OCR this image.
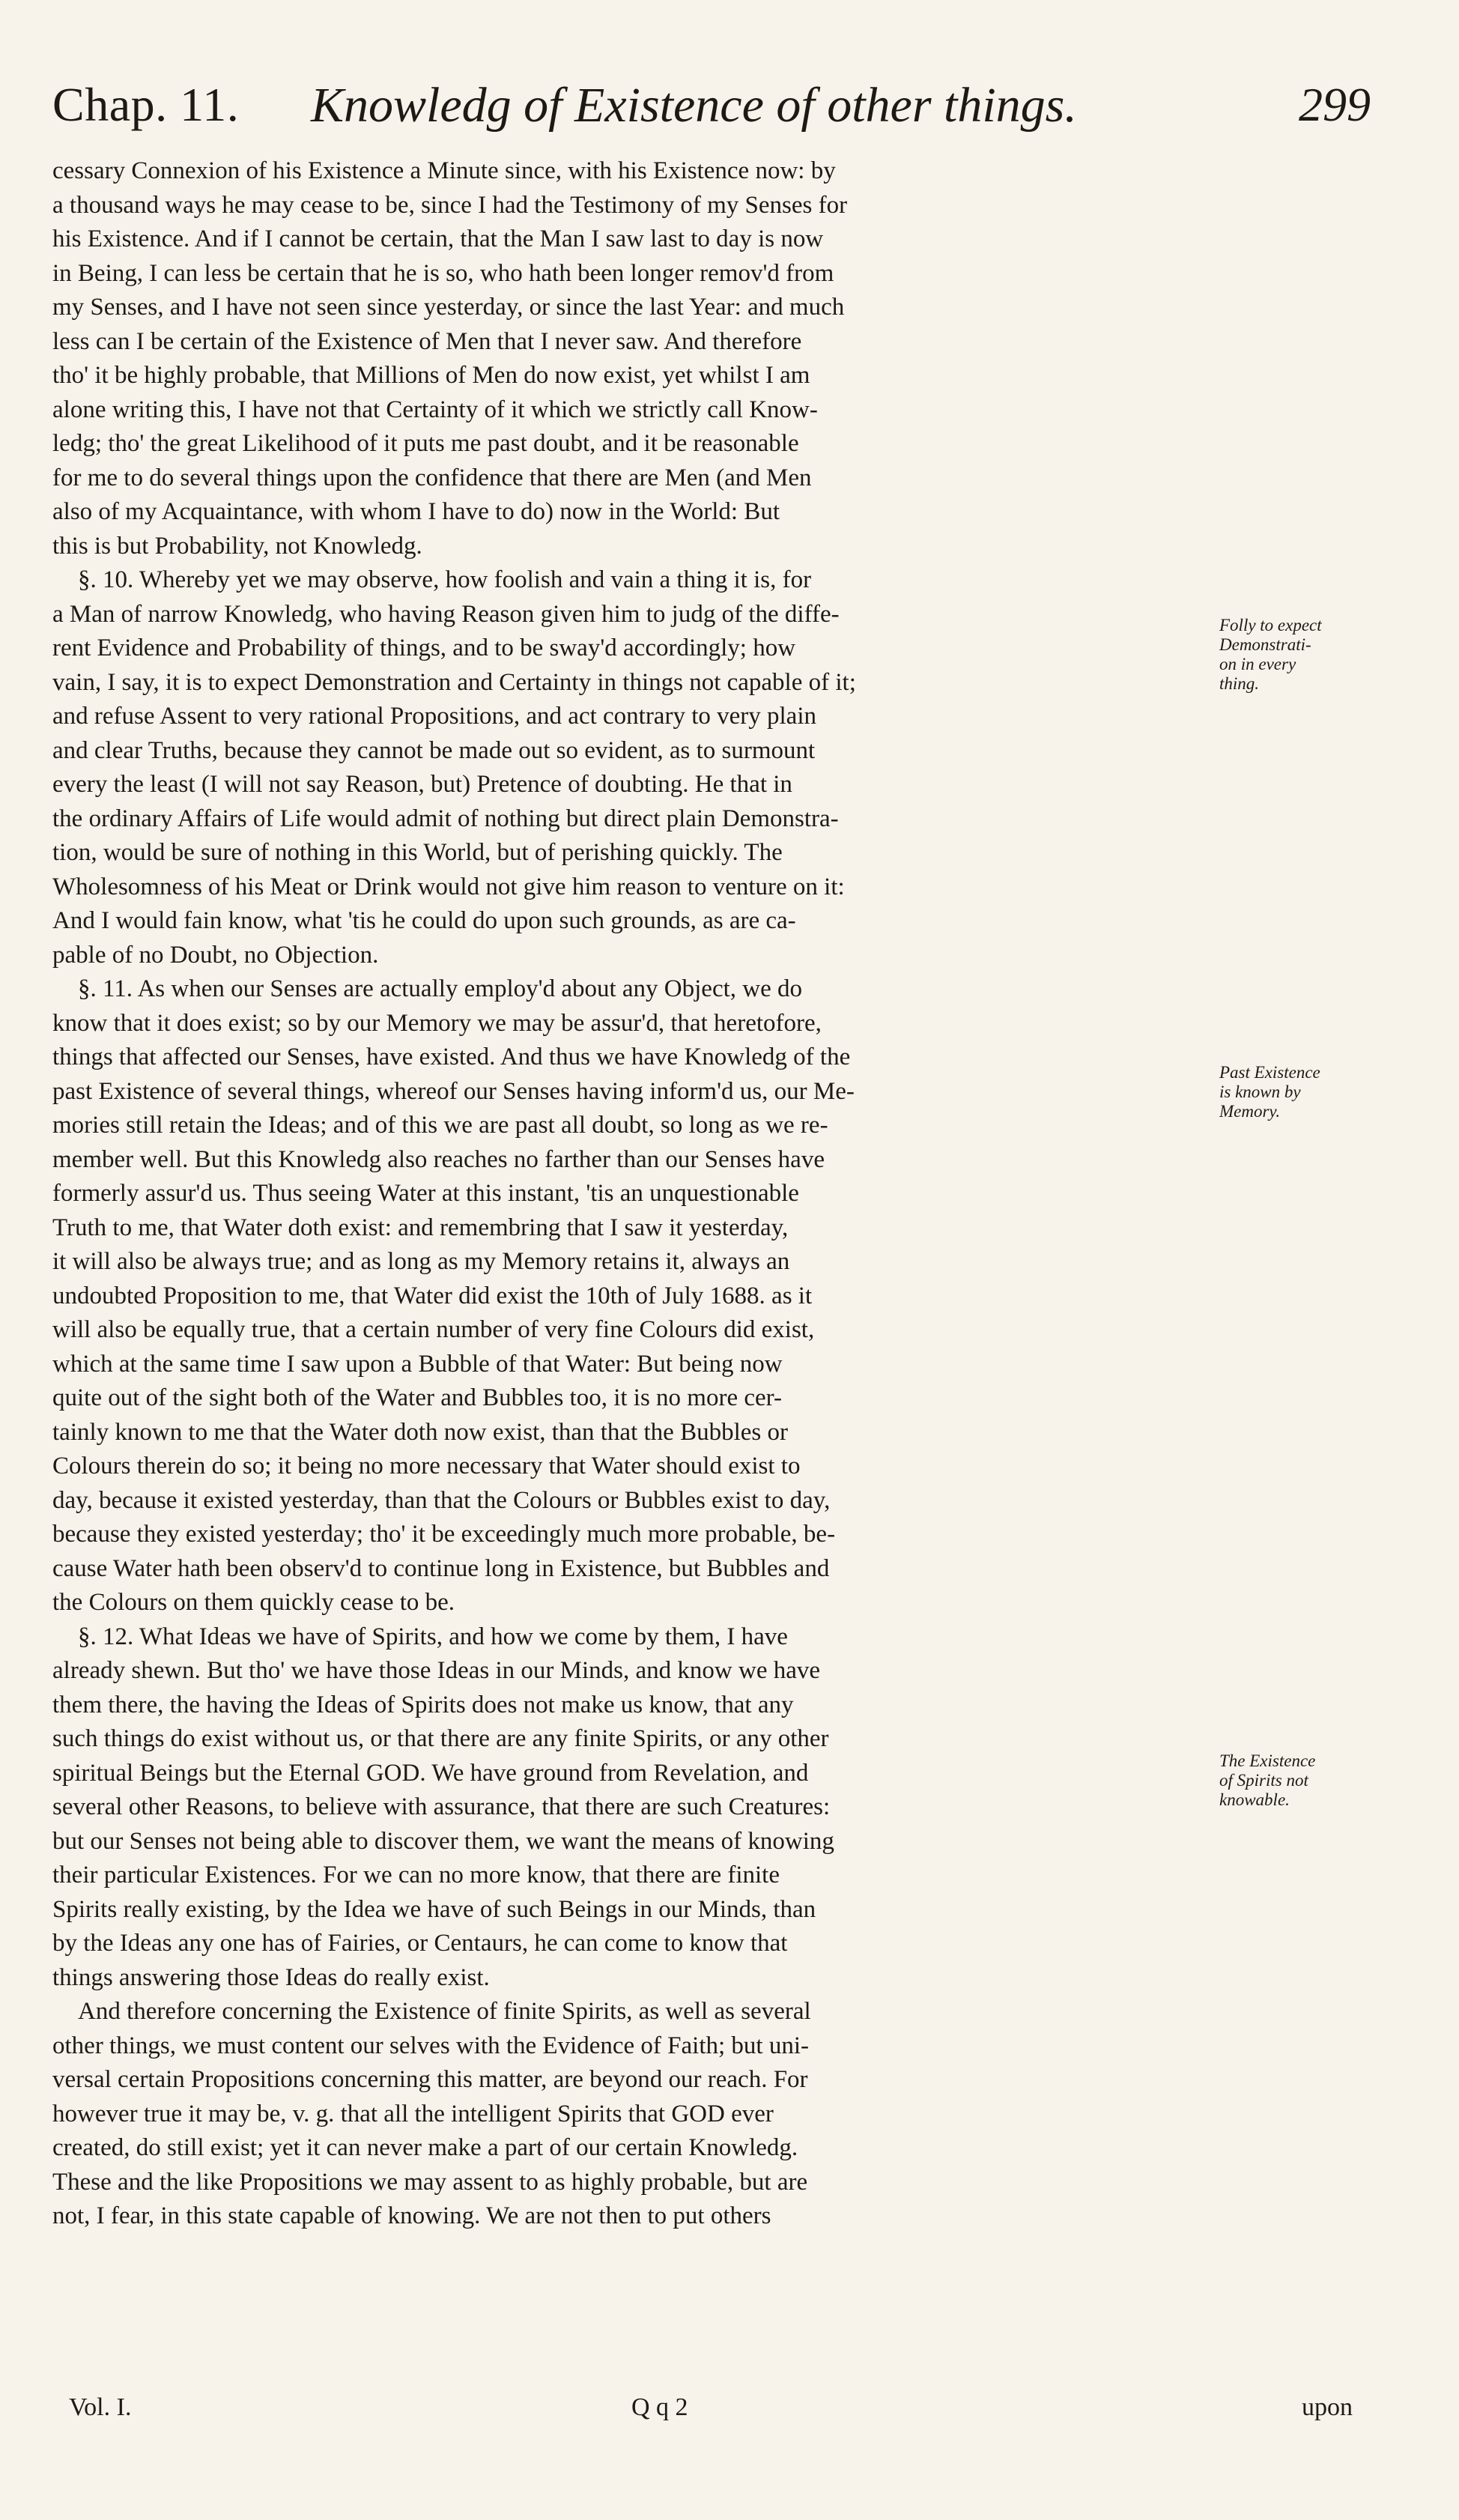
Chap. 11. Knowledg of Existence of other things.	299

cessary Connexion of his Existence a Minute since, with his Existence now: by
a thousand ways he may cease to be, since I had the Testimony of my Senses for
his Existence. And if I cannot be certain, that the Man I saw last to day is now
in Being, I can less be certain that he is so, who hath been longer remov'd from
my Senses, and I have not seen since yesterday, or since the last Year: and much
less can I be certain of the Existence of Men that I never saw. And therefore
tho' it be highly probable, that Millions of Men do now exist, yet whilst I am
alone writing this, I have not that Certainty of it which we strictly call Know-
ledg; tho' the great Likelihood of it puts me past doubt, and it be reasonable
for me to do several things upon the confidence that there are Men (and Men
also of my Acquaintance, with whom I have to do) now in the World: But
this is but Probability, not Knowledg.

§. 10. Whereby yet we may observe, how foolish and vain a thing it is, for
a Man of narrow Knowledg, who having Reason given him to judg of the diffe-
rent Evidence and Probability of things, and to be sway'd accordingly; how
vain, I say, it is to expect Demonstration and Certainty in things not capable of it;
and refuse Assent to very rational Propositions, and act contrary to very plain
and clear Truths, because they cannot be made out so evident, as to surmount
every the least (I will not say Reason, but) Pretence of doubting. He that in
the ordinary Affairs of Life would admit of nothing but direct plain Demonstra-
tion, would be sure of nothing in this World, but of perishing quickly. The
Wholesomness of his Meat or Drink would not give him reason to venture on it:
And I would fain know, what 'tis he could do upon such grounds, as are ca-
pable of no Doubt, no Objection.

§. 11. As when our Senses are actually employ'd about any Object, we do
know that it does exist; so by our Memory we may be assur'd, that heretofore,
things that affected our Senses, have existed. And thus we have Knowledg of the
past Existence of several things, whereof our Senses having inform'd us, our Me-
mories still retain the Ideas; and of this we are past all doubt, so long as we re-
member well. But this Knowledg also reaches no farther than our Senses have
formerly assur'd us. Thus seeing Water at this instant, 'tis an unquestionable
Truth to me, that Water doth exist: and remembring that I saw it yesterday,
it will also be always true; and as long as my Memory retains it, always an
undoubted Proposition to me, that Water did exist the 10th of July 1688. as it
will also be equally true, that a certain number of very fine Colours did exist,
which at the same time I saw upon a Bubble of that Water: But being now
quite out of the sight both of the Water and Bubbles too, it is no more cer-
tainly known to me that the Water doth now exist, than that the Bubbles or
Colours therein do so; it being no more necessary that Water should exist to
day, because it existed yesterday, than that the Colours or Bubbles exist to day,
because they existed yesterday; tho' it be exceedingly much more probable, be-
cause Water hath been observ'd to continue long in Existence, but Bubbles and
the Colours on them quickly cease to be.

§. 12. What Ideas we have of Spirits, and how we come by them, I have
already shewn. But tho' we have those Ideas in our Minds, and know we have
them there, the having the Ideas of Spirits does not make us know, that any
such things do exist without us, or that there are any finite Spirits, or any other
spiritual Beings but the Eternal GOD. We have ground from Revelation, and
several other Reasons, to believe with assurance, that there are such Creatures:
but our Senses not being able to discover them, we want the means of knowing
their particular Existences. For we can no more know, that there are finite
Spirits really existing, by the Idea we have of such Beings in our Minds, than
by the Ideas any one has of Fairies, or Centaurs, he can come to know that
things answering those Ideas do really exist.

And therefore concerning the Existence of finite Spirits, as well as several
other things, we must content our selves with the Evidence of Faith; but uni-
versal certain Propositions concerning this matter, are beyond our reach. For
however true it may be, v. g. that all the intelligent Spirits that GOD ever
created, do still exist; yet it can never make a part of our certain Knowledg.
These and the like Propositions we may assent to as highly probable, but are
not, I fear, in this state capable of knowing. We are not then to put others

Folly to expect
Demonstrati-
on in every
thing.
Past Existence
is known by
Memory.
The Existence
of Spirits not
knowable.
Vol. I.	Q q 2	upon
